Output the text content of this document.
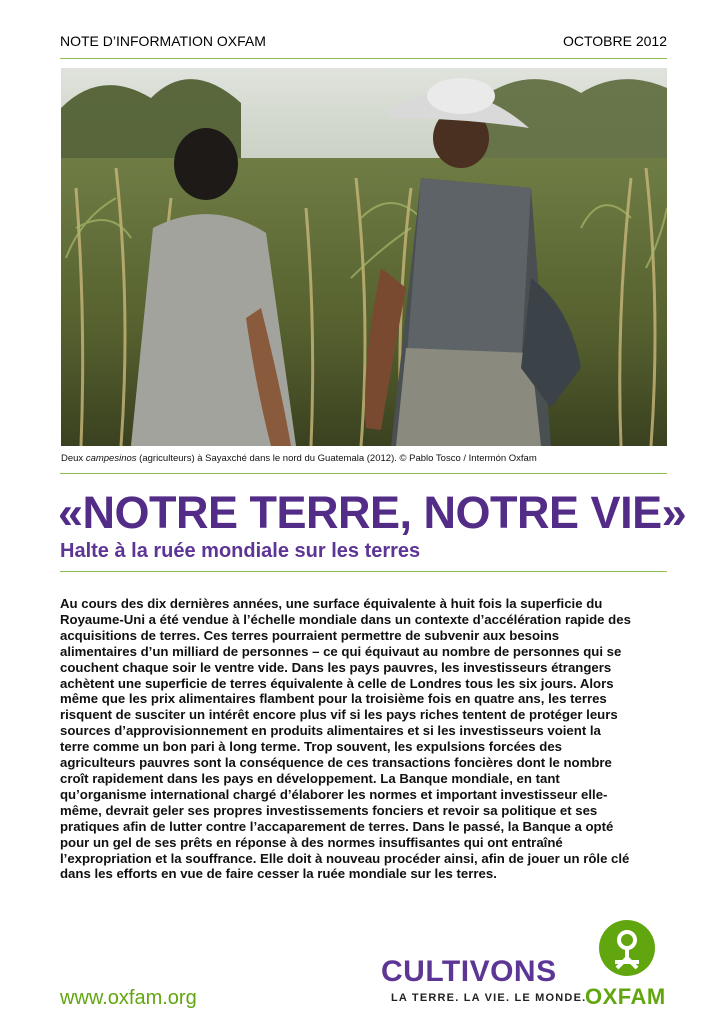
NOTE D’INFORMATION OXFAM	OCTOBRE 2012
Deux campesinos (agriculteurs) à Sayaxché dans le nord du Guatemala (2012). © Pablo Tosco / Intermón Oxfam
«NOTRE TERRE, NOTRE VIE»
Halte à la ruée mondiale sur les terres

Au cours des dix dernières années, une surface équivalente à huit fois la superficie du Royaume-Uni a été vendue à l’échelle mondiale dans un contexte d’accélération rapide des acquisitions de terres. Ces terres pourraient permettre de subvenir aux besoins alimentaires d’un milliard de personnes – ce qui équivaut au nombre de personnes qui se couchent chaque soir le ventre vide. Dans les pays pauvres, les investisseurs étrangers achètent une superficie de terres équivalente à celle de Londres tous les six jours. Alors même que les prix alimentaires flambent pour la troisième fois en quatre ans, les terres risquent de susciter un intérêt encore plus vif si les pays riches tentent de protéger leurs sources d’approvisionnement en produits alimentaires et si les investisseurs voient la terre comme un bon pari à long terme. Trop souvent, les expulsions forcées des agriculteurs pauvres sont la conséquence de ces transactions foncières dont le nombre croît rapidement dans les pays en développement. La Banque mondiale, en tant qu’organisme international chargé d’élaborer les normes et important investisseur elle-même, devrait geler ses propres investissements fonciers et revoir sa politique et ses pratiques afin de lutter contre l’accaparement de terres. Dans le passé, la Banque a opté pour un gel de ses prêts en réponse à des normes insuffisantes qui ont entraîné l’expropriation et la souffrance. Elle doit à nouveau procéder ainsi, afin de jouer un rôle clé dans les efforts en vue de faire cesser la ruée mondiale sur les terres.

www.oxfam.org
CULTIVONS
LA TERRE. LA VIE. LE MONDE.
OXFAM
